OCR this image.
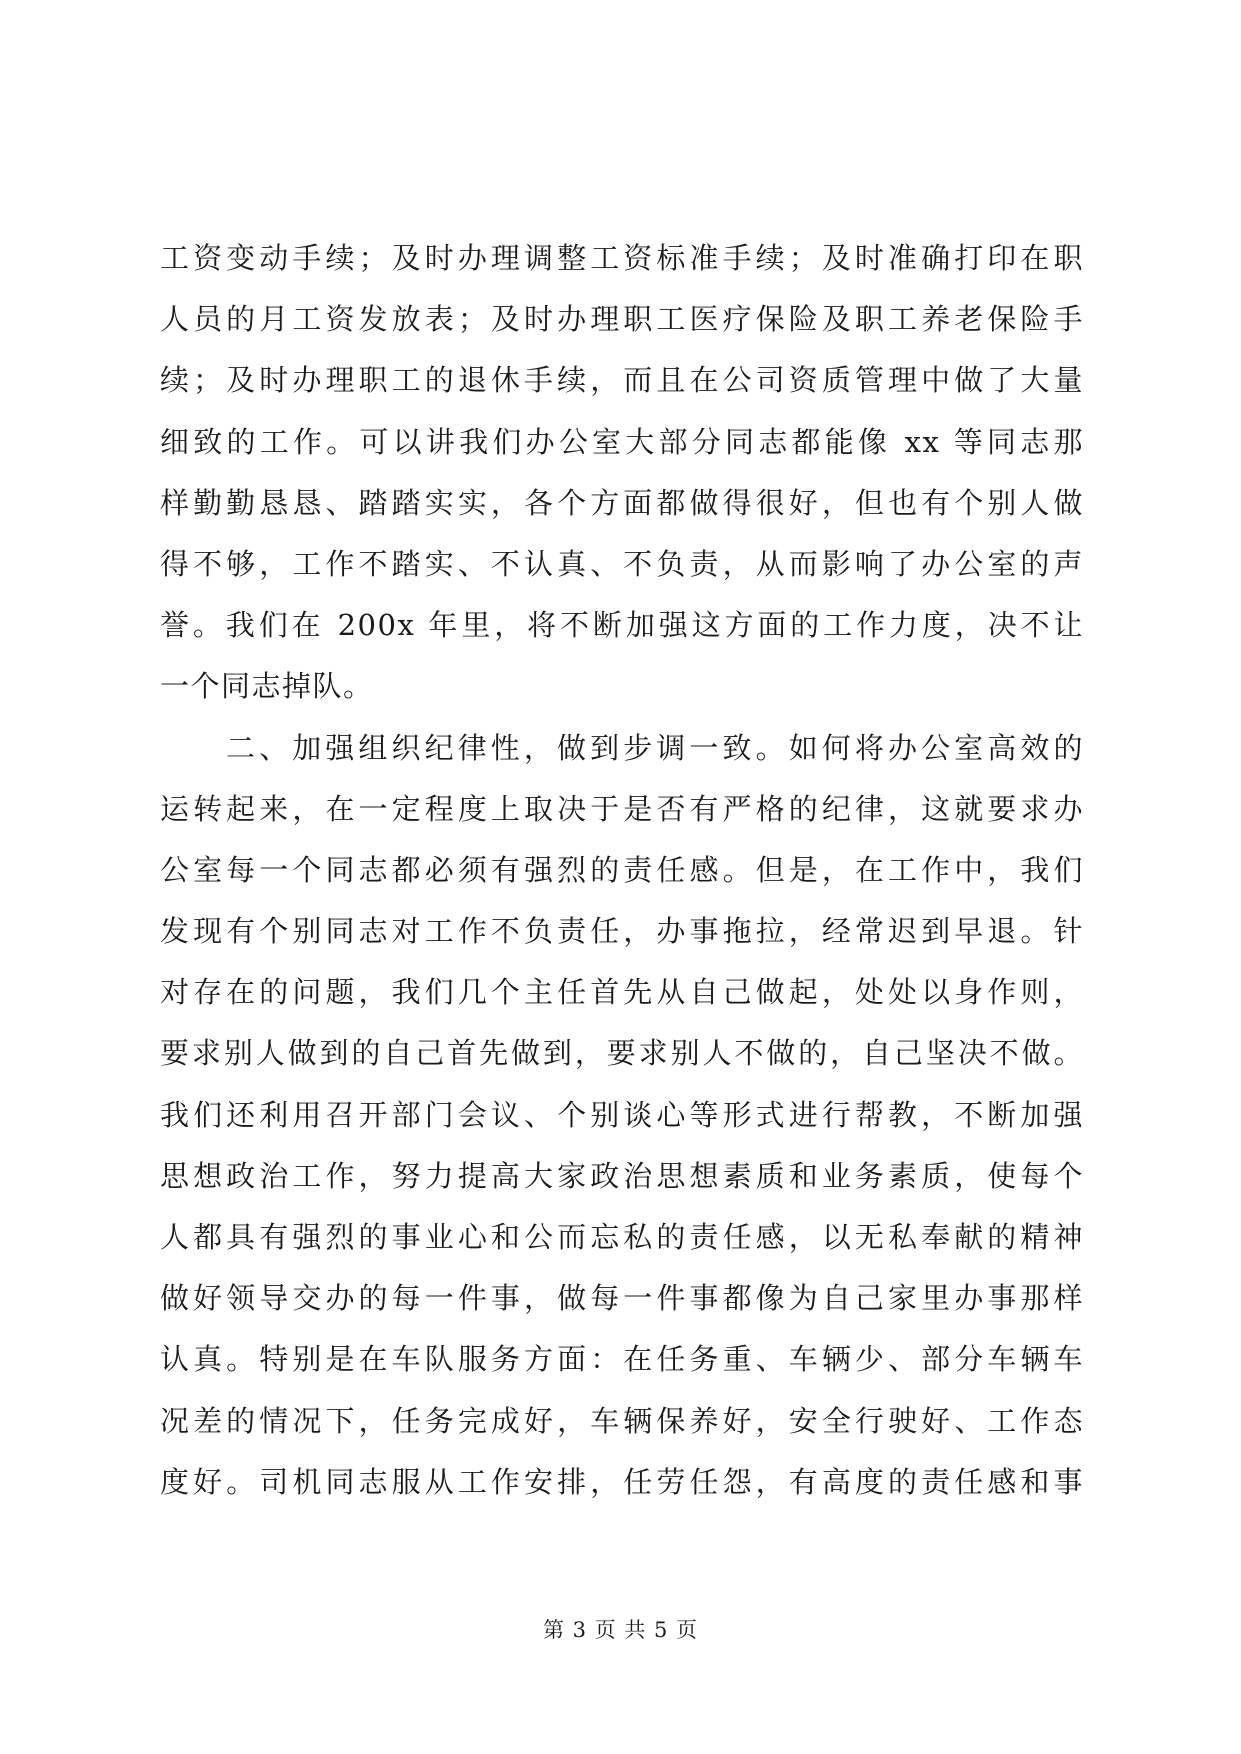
工资变动手续；及时办理调整工资标准手续；及时准确打印在职
人员的月工资发放表；及时办理职工医疗保险及职工养老保险手
续；及时办理职工的退休手续，而且在公司资质管理中做了大量
细致的工作。可以讲我们办公室大部分同志都能像 xx 等同志那
样勤勤恳恳、踏踏实实，各个方面都做得很好，但也有个别人做
得不够，工作不踏实、不认真、不负责，从而影响了办公室的声
誉。我们在 200x 年里，将不断加强这方面的工作力度，决不让
一个同志掉队。
二、加强组织纪律性，做到步调一致。如何将办公室高效的
运转起来，在一定程度上取决于是否有严格的纪律，这就要求办
公室每一个同志都必须有强烈的责任感。但是，在工作中，我们
发现有个别同志对工作不负责任，办事拖拉，经常迟到早退。针
对存在的问题，我们几个主任首先从自己做起，处处以身作则，
要求别人做到的自己首先做到，要求别人不做的，自己坚决不做。
我们还利用召开部门会议、个别谈心等形式进行帮教，不断加强
思想政治工作，努力提高大家政治思想素质和业务素质，使每个
人都具有强烈的事业心和公而忘私的责任感，以无私奉献的精神
做好领导交办的每一件事，做每一件事都像为自己家里办事那样
认真。特别是在车队服务方面：在任务重、车辆少、部分车辆车
况差的情况下，任务完成好，车辆保养好，安全行驶好、工作态
度好。司机同志服从工作安排，任劳任怨，有高度的责任感和事
第 3 页 共 5 页
